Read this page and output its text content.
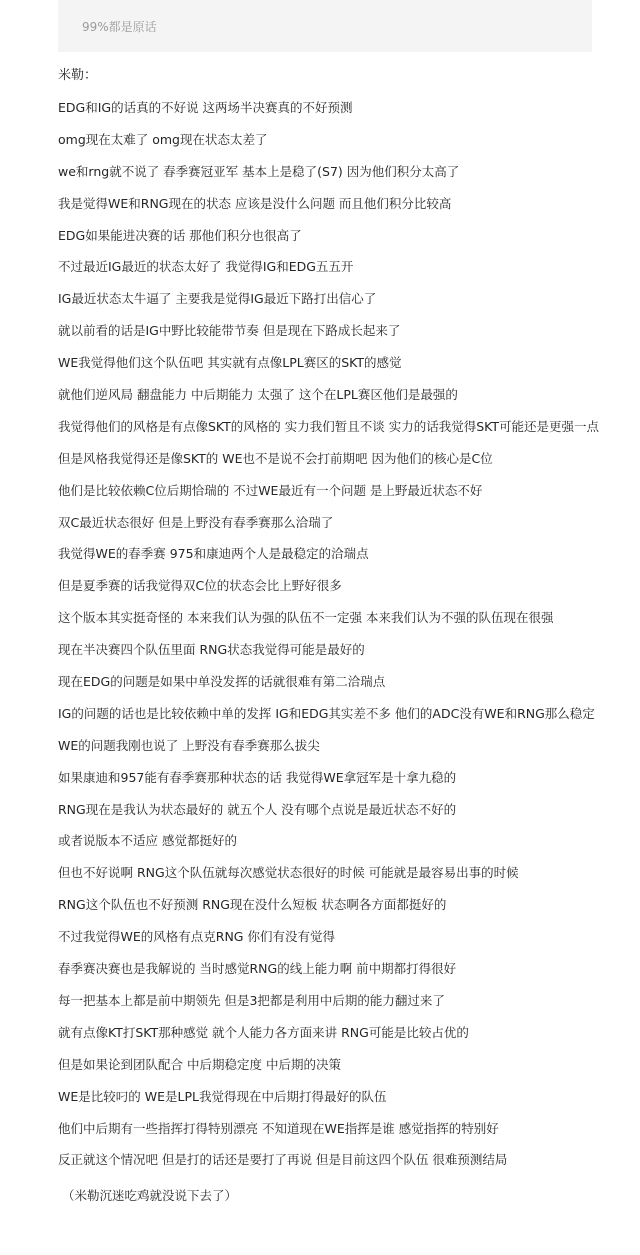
99%都是原话

米勒：

EDG和IG的话真的不好说 这两场半决赛真的不好预测
omg现在太难了 omg现在状态太差了
we和rng就不说了 春季赛冠亚军 基本上是稳了(S7) 因为他们积分太高了
我是觉得WE和RNG现在的状态 应该是没什么问题 而且他们积分比较高
EDG如果能进决赛的话 那他们积分也很高了
不过最近IG最近的状态太好了 我觉得IG和EDG五五开
IG最近状态太牛逼了 主要我是觉得IG最近下路打出信心了
就以前看的话是IG中野比较能带节奏 但是现在下路成长起来了
WE我觉得他们这个队伍吧 其实就有点像LPL赛区的SKT的感觉
就他们逆风局 翻盘能力 中后期能力 太强了 这个在LPL赛区他们是最强的
我觉得他们的风格是有点像SKT的风格的 实力我们暂且不谈 实力的话我觉得SKT可能还是更强一点
但是风格我觉得还是像SKT的 WE也不是说不会打前期吧 因为他们的核心是C位
他们是比较依赖C位后期恰瑞的 不过WE最近有一个问题 是上野最近状态不好
双C最近状态很好 但是上野没有春季赛那么洽瑞了
我觉得WE的春季赛 975和康迪两个人是最稳定的洽瑞点
但是夏季赛的话我觉得双C位的状态会比上野好很多
这个版本其实挺奇怪的 本来我们认为强的队伍不一定强 本来我们认为不强的队伍现在很强
现在半决赛四个队伍里面 RNG状态我觉得可能是最好的
现在EDG的问题是如果中单没发挥的话就很难有第二洽瑞点
IG的问题的话也是比较依赖中单的发挥 IG和EDG其实差不多 他们的ADC没有WE和RNG那么稳定
WE的问题我刚也说了 上野没有春季赛那么拔尖
如果康迪和957能有春季赛那种状态的话 我觉得WE拿冠军是十拿九稳的
RNG现在是我认为状态最好的 就五个人 没有哪个点说是最近状态不好的
或者说版本不适应 感觉都挺好的
但也不好说啊 RNG这个队伍就每次感觉状态很好的时候 可能就是最容易出事的时候
RNG这个队伍也不好预测 RNG现在没什么短板 状态啊各方面都挺好的
不过我觉得WE的风格有点克RNG 你们有没有觉得
春季赛决赛也是我解说的 当时感觉RNG的线上能力啊 前中期都打得很好
每一把基本上都是前中期领先 但是3把都是利用中后期的能力翻过来了
就有点像KT打SKT那种感觉 就个人能力各方面来讲 RNG可能是比较占优的
但是如果论到团队配合 中后期稳定度 中后期的决策
WE是比较叼的 WE是LPL我觉得现在中后期打得最好的队伍
他们中后期有一些指挥打得特别漂亮 不知道现在WE指挥是谁 感觉指挥的特别好
反正就这个情况吧 但是打的话还是要打了再说 但是目前这四个队伍 很难预测结局

（米勒沉迷吃鸡就没说下去了）
